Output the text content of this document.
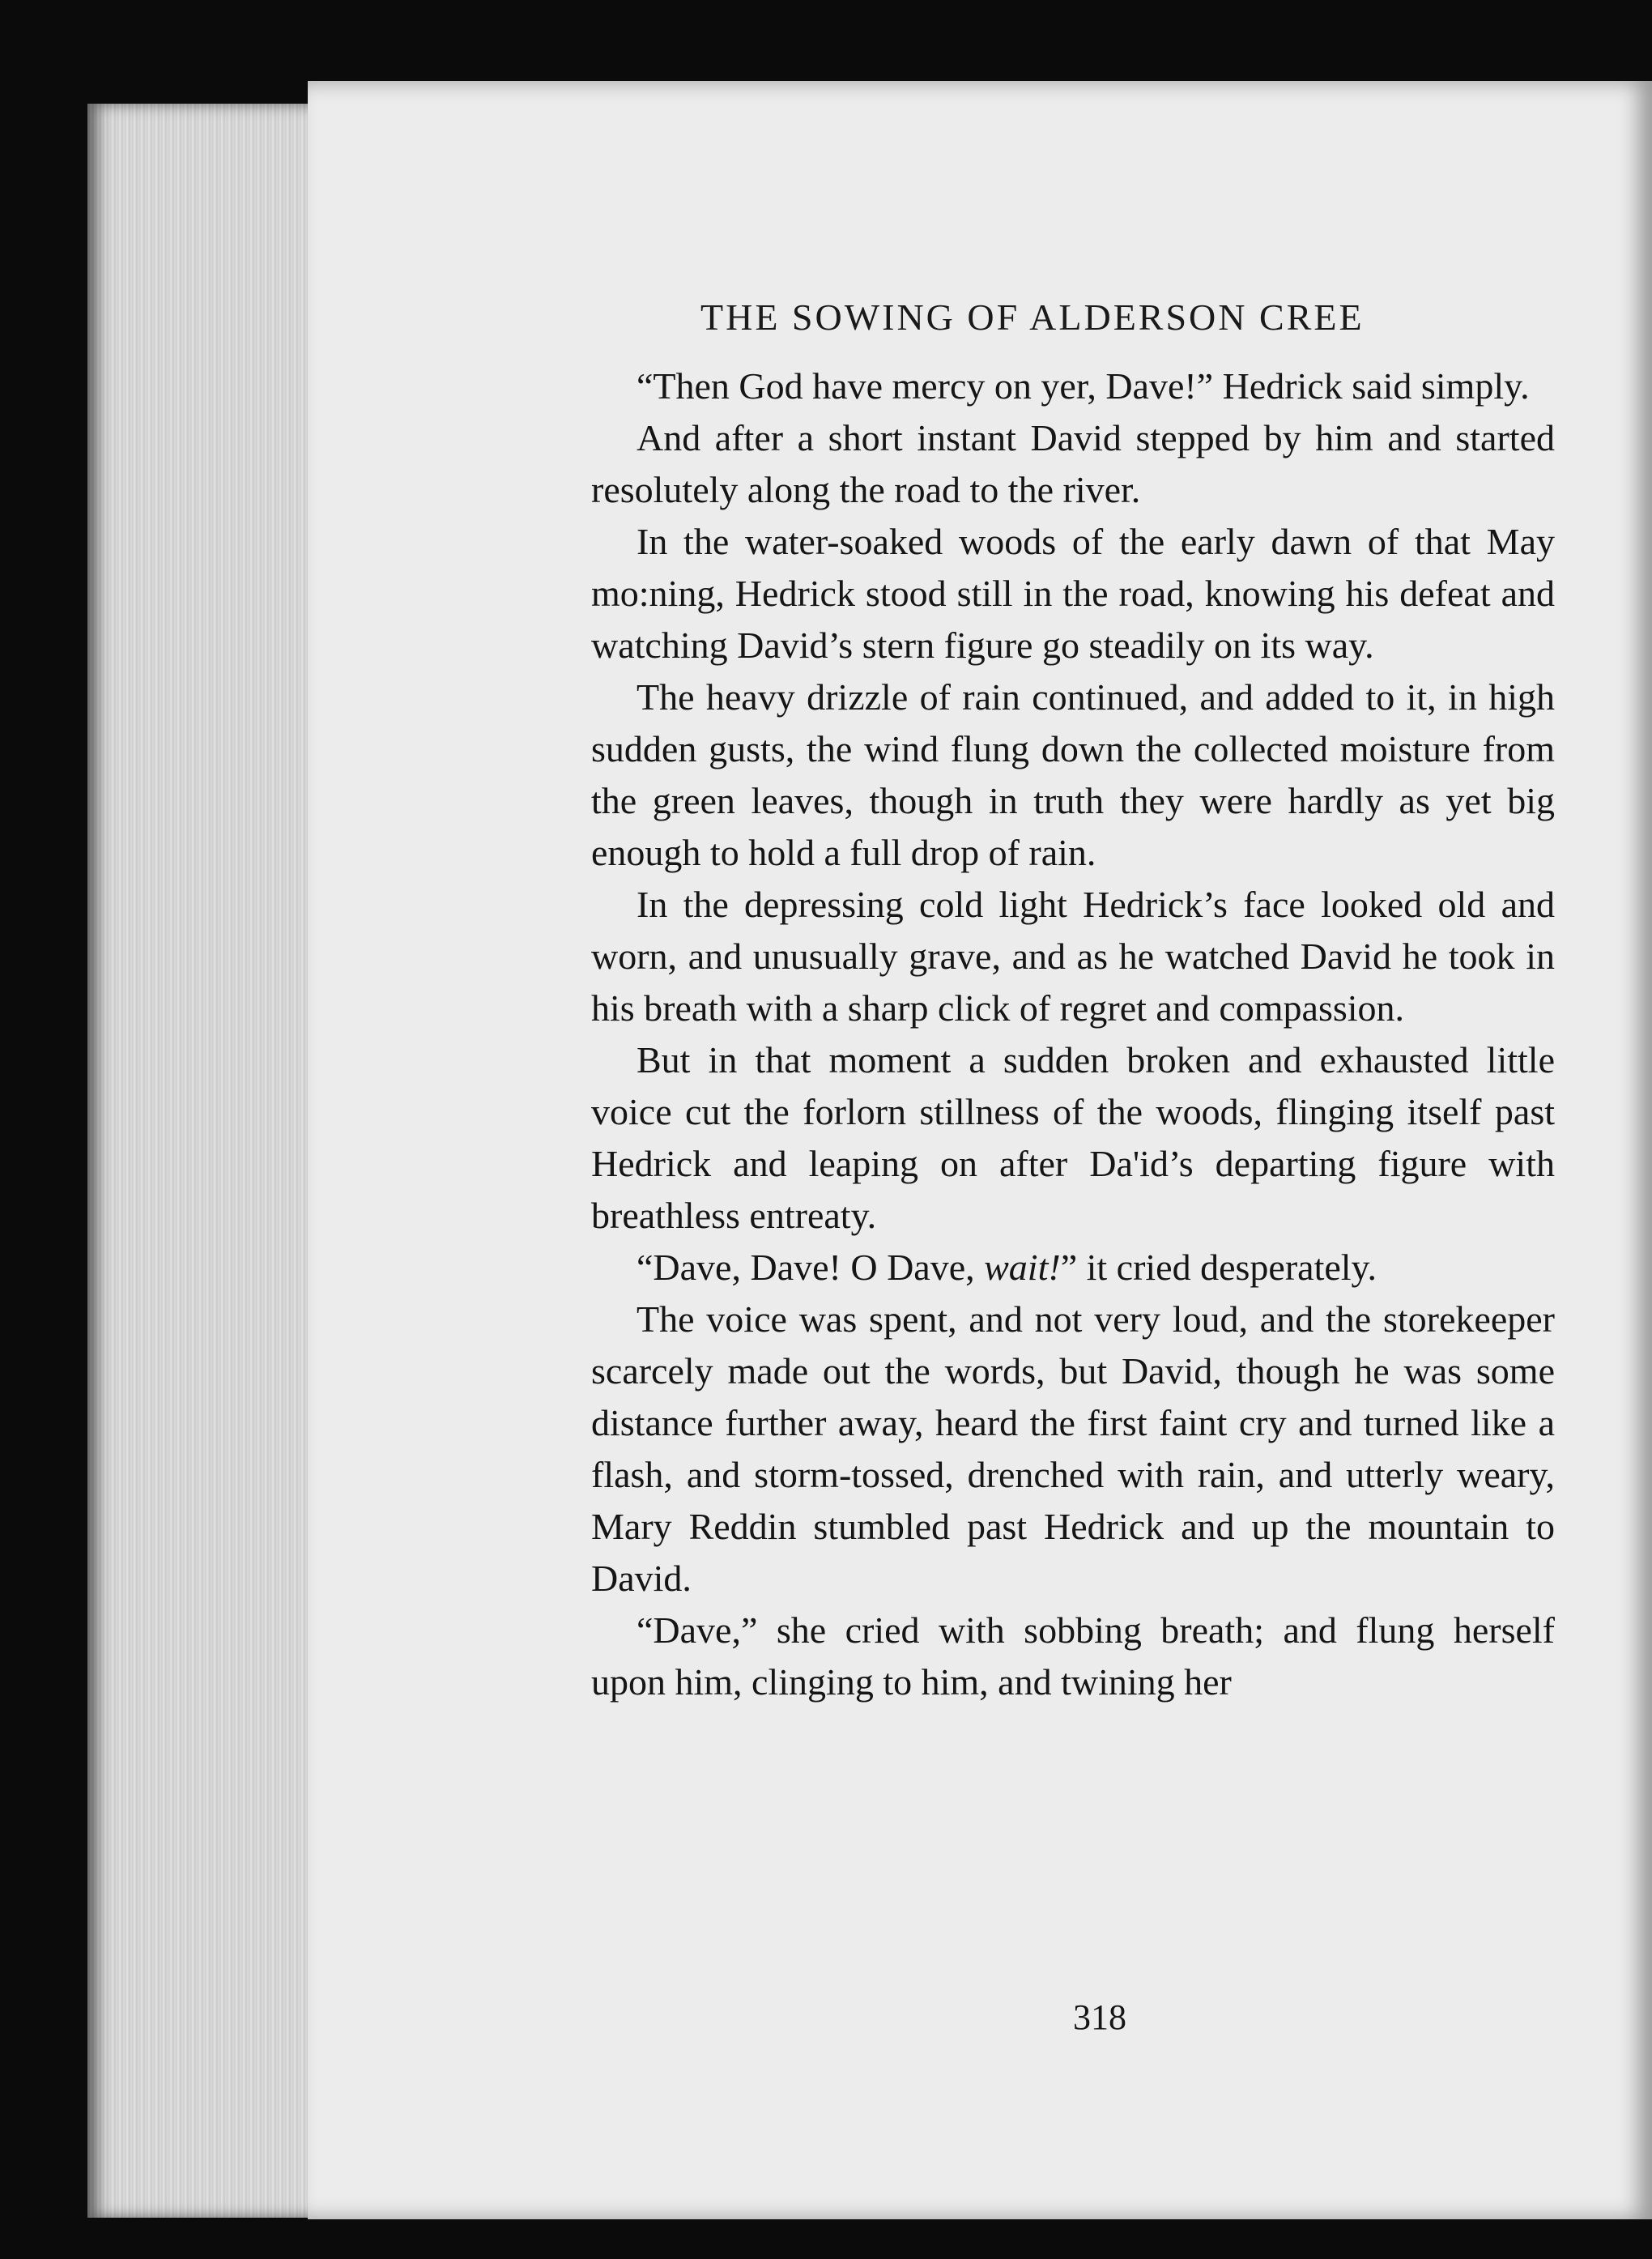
THE SOWING OF ALDERSON CREE

“Then God have mercy on yer, Dave!” Hedrick said simply.

And after a short instant David stepped by him and started resolutely along the road to the river.

In the water-soaked woods of the early dawn of that May mo:ning, Hedrick stood still in the road, knowing his defeat and watching David’s stern figure go steadily on its way.

The heavy drizzle of rain continued, and added to it, in high sudden gusts, the wind flung down the collected moisture from the green leaves, though in truth they were hardly as yet big enough to hold a full drop of rain.

In the depressing cold light Hedrick’s face looked old and worn, and unusually grave, and as he watched David he took in his breath with a sharp click of regret and compassion.

But in that moment a sudden broken and exhausted little voice cut the forlorn stillness of the woods, flinging itself past Hedrick and leaping on after Da'id’s departing figure with breathless entreaty.

“Dave, Dave! O Dave, wait!” it cried desperately.

The voice was spent, and not very loud, and the storekeeper scarcely made out the words, but David, though he was some distance further away, heard the first faint cry and turned like a flash, and storm-tossed, drenched with rain, and utterly weary, Mary Reddin stumbled past Hedrick and up the mountain to David.

“Dave,” she cried with sobbing breath; and flung herself upon him, clinging to him, and twining her

318
